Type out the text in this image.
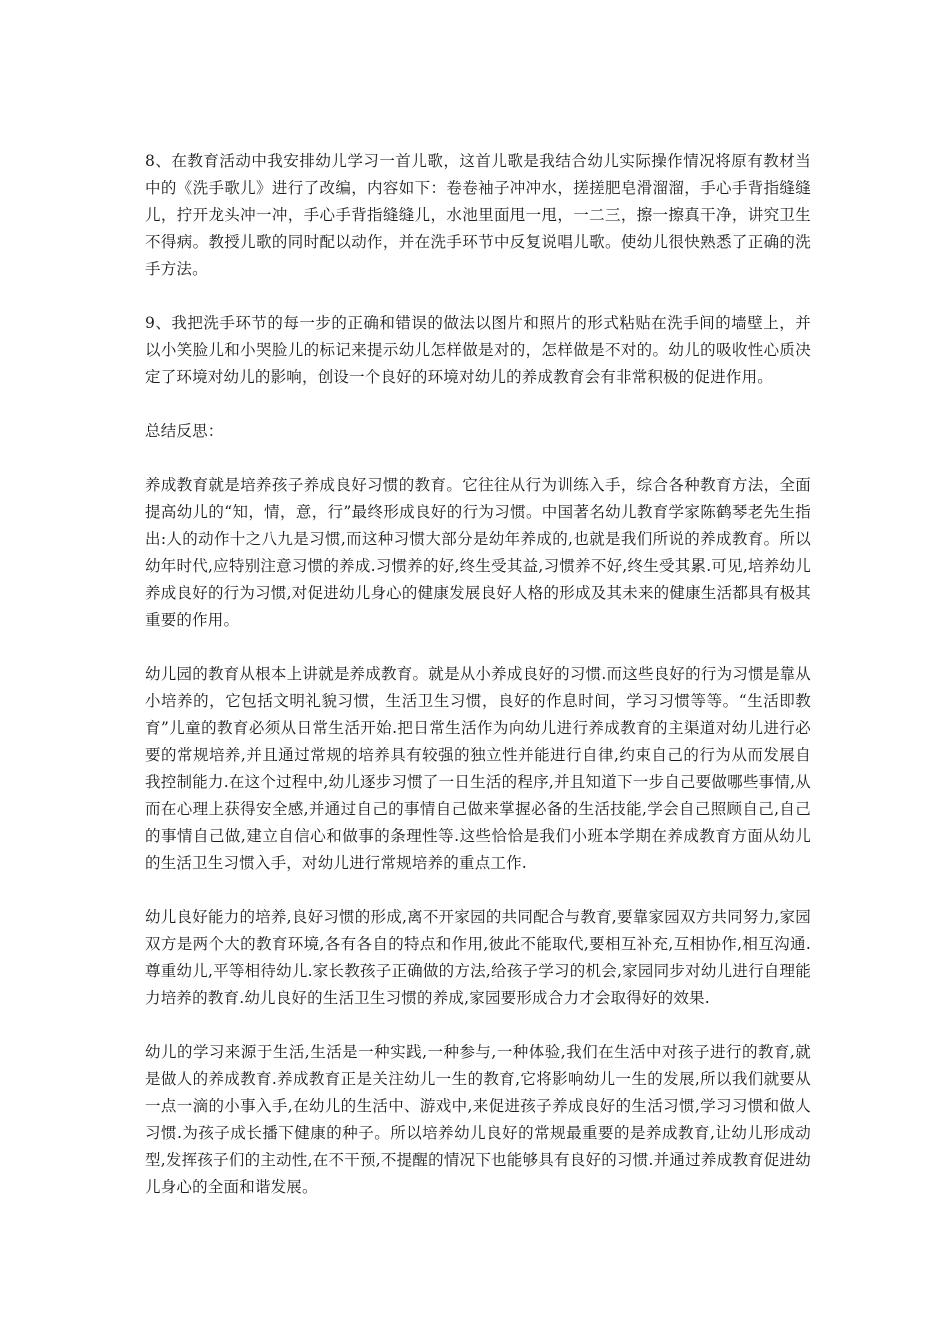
8、在教育活动中我安排幼儿学习一首儿歌，这首儿歌是我结合幼儿实际操作情况将原有教材当中的《洗手歌儿》进行了改编，内容如下：卷卷袖子冲冲水，搓搓肥皂滑溜溜，手心手背指缝缝儿，拧开龙头冲一冲，手心手背指缝缝儿，水池里面甩一甩，一二三，擦一擦真干净，讲究卫生不得病。教授儿歌的同时配以动作，并在洗手环节中反复说唱儿歌。使幼儿很快熟悉了正确的洗手方法。

9、我把洗手环节的每一步的正确和错误的做法以图片和照片的形式粘贴在洗手间的墙壁上，并以小笑脸儿和小哭脸儿的标记来提示幼儿怎样做是对的，怎样做是不对的。幼儿的吸收性心质决定了环境对幼儿的影响，创设一个良好的环境对幼儿的养成教育会有非常积极的促进作用。

总结反思：

养成教育就是培养孩子养成良好习惯的教育。它往往从行为训练入手，综合各种教育方法，全面提高幼儿的“知，情，意，行”最终形成良好的行为习惯。中国著名幼儿教育学家陈鹤琴老先生指出:人的动作十之八九是习惯,而这种习惯大部分是幼年养成的,也就是我们所说的养成教育。所以幼年时代,应特别注意习惯的养成.习惯养的好,终生受其益,习惯养不好,终生受其累.可见,培养幼儿养成良好的行为习惯,对促进幼儿身心的健康发展良好人格的形成及其未来的健康生活都具有极其重要的作用。

幼儿园的教育从根本上讲就是养成教育。就是从小养成良好的习惯.而这些良好的行为习惯是靠从小培养的，它包括文明礼貌习惯，生活卫生习惯，良好的作息时间，学习习惯等等。“生活即教育”儿童的教育必须从日常生活开始.把日常生活作为向幼儿进行养成教育的主渠道对幼儿进行必要的常规培养,并且通过常规的培养具有较强的独立性并能进行自律,约束自己的行为从而发展自我控制能力.在这个过程中,幼儿逐步习惯了一日生活的程序,并且知道下一步自己要做哪些事情,从而在心理上获得安全感,并通过自己的事情自己做来掌握必备的生活技能,学会自己照顾自己,自己的事情自己做,建立自信心和做事的条理性等.这些恰恰是我们小班本学期在养成教育方面从幼儿的生活卫生习惯入手，对幼儿进行常规培养的重点工作.

幼儿良好能力的培养,良好习惯的形成,离不开家园的共同配合与教育,要靠家园双方共同努力,家园双方是两个大的教育环境,各有各自的特点和作用,彼此不能取代,要相互补充,互相协作,相互沟通.尊重幼儿,平等相待幼儿.家长教孩子正确做的方法,给孩子学习的机会,家园同步对幼儿进行自理能力培养的教育.幼儿良好的生活卫生习惯的养成,家园要形成合力才会取得好的效果.

幼儿的学习来源于生活,生活是一种实践,一种参与,一种体验,我们在生活中对孩子进行的教育,就是做人的养成教育.养成教育正是关注幼儿一生的教育,它将影响幼儿一生的发展,所以我们就要从一点一滴的小事入手,在幼儿的生活中、游戏中,来促进孩子养成良好的生活习惯,学习习惯和做人习惯.为孩子成长播下健康的种子。所以培养幼儿良好的常规最重要的是养成教育,让幼儿形成动型,发挥孩子们的主动性,在不干预,不提醒的情况下也能够具有良好的习惯.并通过养成教育促进幼儿身心的全面和谐发展。
